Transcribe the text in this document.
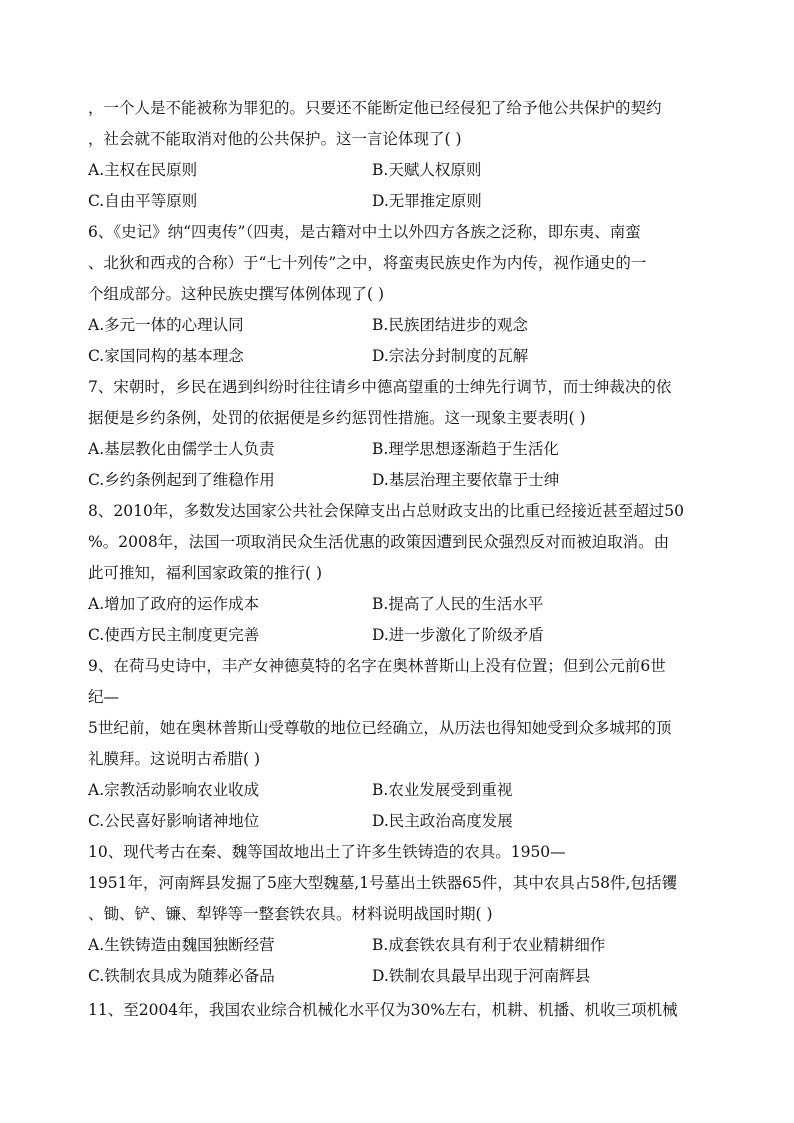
，一个人是不能被称为罪犯的。只要还不能断定他已经侵犯了给予他公共保护的契约
，社会就不能取消对他的公共保护。这一言论体现了( )
A.主权在民原则	B.天赋人权原则
C.自由平等原则	D.无罪推定原则
6、《史记》纳“四夷传”（四夷，是古籍对中土以外四方各族之泛称，即东夷、南蛮
、北狄和西戎的合称）于“七十列传”之中，将蛮夷民族史作为内传，视作通史的一
个组成部分。这种民族史撰写体例体现了( )
A.多元一体的心理认同	B.民族团结进步的观念
C.家国同构的基本理念	D.宗法分封制度的瓦解
7、宋朝时，乡民在遇到纠纷时往往请乡中德高望重的士绅先行调节，而士绅裁决的依
据便是乡约条例，处罚的依据便是乡约惩罚性措施。这一现象主要表明( )
A.基层教化由儒学士人负责	B.理学思想逐渐趋于生活化
C.乡约条例起到了维稳作用	D.基层治理主要依靠于士绅
8、2010年，多数发达国家公共社会保障支出占总财政支出的比重已经接近甚至超过50
%。2008年，法国一项取消民众生活优惠的政策因遭到民众强烈反对而被迫取消。由
此可推知，福利国家政策的推行( )
A.增加了政府的运作成本	B.提高了人民的生活水平
C.使西方民主制度更完善	D.进一步激化了阶级矛盾
9、在荷马史诗中，丰产女神德莫特的名字在奥林普斯山上没有位置；但到公元前6世
纪—
5世纪前，她在奥林普斯山受尊敬的地位已经确立，从历法也得知她受到众多城邦的顶
礼膜拜。这说明古希腊( )
A.宗教活动影响农业收成	B.农业发展受到重视
C.公民喜好影响诸神地位	D.民主政治高度发展
10、现代考古在秦、魏等国故地出土了许多生铁铸造的农具。1950—
1951年，河南辉县发掘了5座大型魏墓,1号墓出土铁器65件，其中农具占58件,包括䦆
、锄、铲、镰、犁铧等一整套铁农具。材料说明战国时期( )
A.生铁铸造由魏国独断经营	B.成套铁农具有利于农业精耕细作
C.铁制农具成为随葬必备品	D.铁制农具最早出现于河南辉县
11、至2004年，我国农业综合机械化水平仅为30%左右，机耕、机播、机收三项机械
